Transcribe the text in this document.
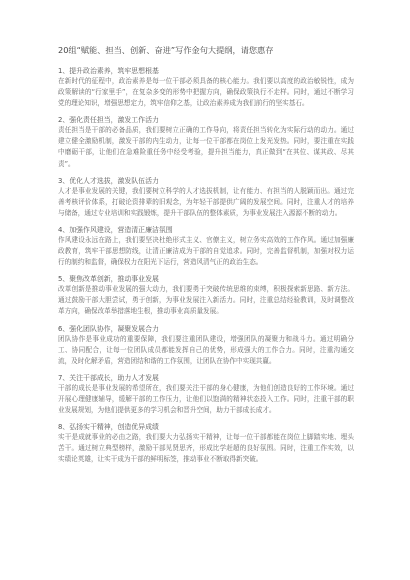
20组“赋能、担当、创新、奋进”写作金句大提纲，请您惠存
1、提升政治素养，筑牢思想根基
在新时代的征程中，政治素养是每一位干部必须具备的核心能力。我们要以高度的政治敏锐性，成为政策解读的“行家里手”，在复杂多变的形势中把握方向，确保政策执行不走样。同时，通过不断学习党的理论知识，增强思想定力，筑牢信仰之基，让政治素养成为我们前行的坚实基石。
2、强化责任担当，激发工作活力
责任担当是干部的必备品质，我们要树立正确的工作导向，将责任担当转化为实际行动的动力。通过建立健全激励机制，激发干部的内生动力，让每一位干部都在岗位上发光发热。同时，要注重在实践中磨砺干部，让他们在急难险重任务中经受考验，提升担当能力，真正做到“在其位、谋其政、尽其责”。
3、优化人才选拔，激发队伍活力
人才是事业发展的关键，我们要树立科学的人才选拔机制，让有能力、有担当的人脱颖而出。通过完善考核评价体系，打破论资排辈的旧观念，为年轻干部提供广阔的发展空间。同时，注重人才的培养与储备，通过专业培训和实践锻炼，提升干部队伍的整体素质，为事业发展注入源源不断的动力。
4、加强作风建设，营造清正廉洁氛围
作风建设永远在路上，我们要坚决杜绝形式主义、官僚主义，树立务实高效的工作作风。通过加强廉政教育，筑牢干部思想防线，让清正廉洁成为干部的自觉追求。同时，完善监督机制，加强对权力运行的制约和监督，确保权力在阳光下运行，营造风清气正的政治生态。
5、聚焦改革创新，推动事业发展
改革创新是推动事业发展的强大动力，我们要勇于突破传统思维的束缚，积极探索新思路、新方法。通过鼓励干部大胆尝试，勇于创新，为事业发展注入新活力。同时，注重总结经验教训，及时调整改革方向，确保改革举措落地生根，推动事业高质量发展。
6、强化团队协作，凝聚发展合力
团队协作是事业成功的重要保障，我们要注重团队建设，增强团队的凝聚力和战斗力。通过明确分工、协同配合，让每一位团队成员都能发挥自己的优势，形成强大的工作合力。同时，注重沟通交流，及时化解矛盾，营造团结和谐的工作氛围，让团队在协作中实现共赢。
7、关注干部成长，助力人才发展
干部的成长是事业发展的希望所在，我们要关注干部的身心健康，为他们创造良好的工作环境。通过开展心理健康辅导，缓解干部的工作压力，让他们以饱满的精神状态投入工作。同时，注重干部的职业发展规划，为他们提供更多的学习机会和晋升空间，助力干部成长成才。
8、弘扬实干精神，创造优异成绩
实干是成就事业的必由之路，我们要大力弘扬实干精神，让每一位干部都能在岗位上脚踏实地、埋头苦干。通过树立典型榜样，激励干部见贤思齐，形成比学赶超的良好氛围。同时，注重工作实效，以实绩论英雄，让实干成为干部的鲜明标签，推动事业不断取得新突破。
